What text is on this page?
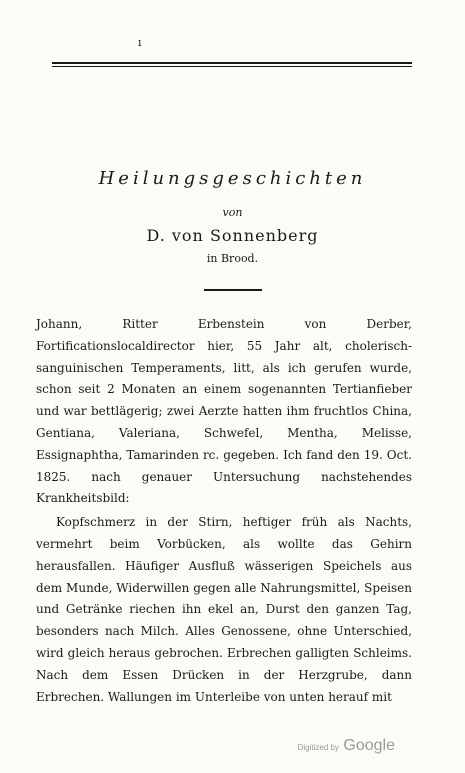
ı
Heilungsgeschichten
von
D. von Sonnenberg
in Brood.

Johann, Ritter Erbenstein von Derber, Fortificationslocaldirector hier, 55 Jahr alt, cholerisch-sanguinischen Temperaments, litt, als ich gerufen wurde, schon seit 2 Monaten an einem sogenannten Tertianfieber und war bettlägerig; zwei Aerzte hatten ihm fruchtlos China, Gentiana, Valeriana, Schwefel, Mentha, Melisse, Essignaphtha, Tamarinden rc. gegeben. Ich fand den 19. Oct. 1825. nach genauer Untersuchung nachstehendes Krankheitsbild:

Kopfschmerz in der Stirn, heftiger früh als Nachts, vermehrt beim Vorbücken, als wollte das Gehirn herausfallen. Häufiger Ausfluß wässerigen Speichels aus dem Munde, Widerwillen gegen alle Nahrungsmittel, Speisen und Getränke riechen ihn ekel an, Durst den ganzen Tag, besonders nach Milch. Alles Genossene, ohne Unterschied, wird gleich heraus gebrochen. Erbrechen galligten Schleims. Nach dem Essen Drücken in der Herzgrube, dann Erbrechen. Wallungen im Unterleibe von unten herauf mit

Digitized by Google
